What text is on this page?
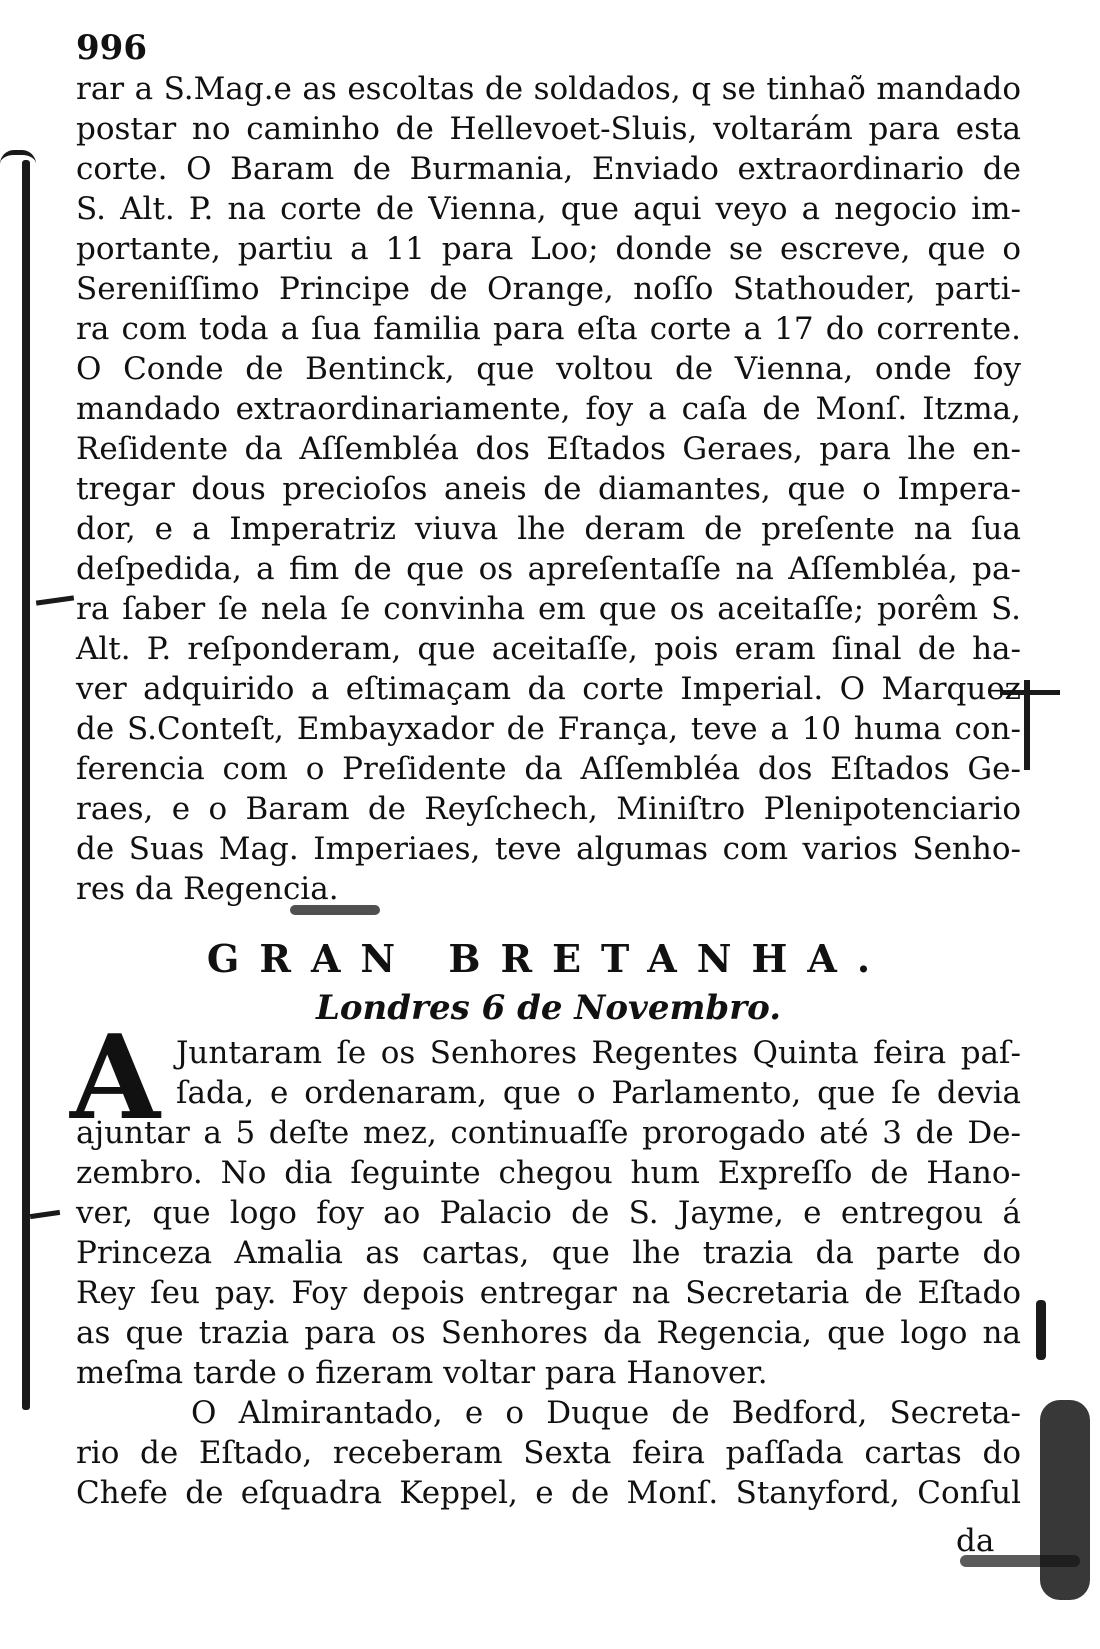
996
rar a S.Mag.e as escoltas de soldados, q se tinhaõ mandado
postar no caminho de Hellevoet-Sluis, voltarám para esta
corte. O Baram de Burmania, Enviado extraordinario de
S. Alt. P. na corte de Vienna, que aqui veyo a negocio im-
portante, partiu a 11 para Loo; donde se escreve, que o
Sereniſſimo Principe de Orange, noſſo Stathouder, parti-
ra com toda a ſua familia para eſta corte a 17 do corrente.
O Conde de Bentinck, que voltou de Vienna, onde foy
mandado extraordinariamente, foy a caſa de Monſ. Itzma,
Reſidente da Aſſembléa dos Eſtados Geraes, para lhe en-
tregar dous precioſos aneis de diamantes, que o Impera-
dor, e a Imperatriz viuva lhe deram de preſente na ſua
deſpedida, a fim de que os apreſentaſſe na Aſſembléa, pa-
ra ſaber ſe nela ſe convinha em que os aceitaſſe; porêm S.
Alt. P. reſponderam, que aceitaſſe, pois eram ſinal de ha-
ver adquirido a eſtimaçam da corte Imperial. O Marquez
de S.Conteſt, Embayxador de França, teve a 10 huma con-
ferencia com o Preſidente da Aſſembléa dos Eſtados Ge-
raes, e o Baram de Reyſchech, Miniſtro Plenipotenciario
de Suas Mag. Imperiaes, teve algumas com varios Senho-
res da Regencia.
GRAN BRETANHA.
Londres 6 de Novembro.
A Juntaram ſe os Senhores Regentes Quinta feira paſ-
ſada, e ordenaram, que o Parlamento, que ſe devia
ajuntar a 5 deſte mez, continuaſſe prorogado até 3 de De-
zembro. No dia ſeguinte chegou hum Expreſſo de Hano-
ver, que logo foy ao Palacio de S. Jayme, e entregou á
Princeza Amalia as cartas, que lhe trazia da parte do
Rey ſeu pay. Foy depois entregar na Secretaria de Eſtado
as que trazia para os Senhores da Regencia, que logo na
meſma tarde o fizeram voltar para Hanover.
O Almirantado, e o Duque de Bedford, Secreta-
rio de Eſtado, receberam Sexta feira paſſada cartas do
Chefe de eſquadra Keppel, e de Monſ. Stanyford, Conſul
da
